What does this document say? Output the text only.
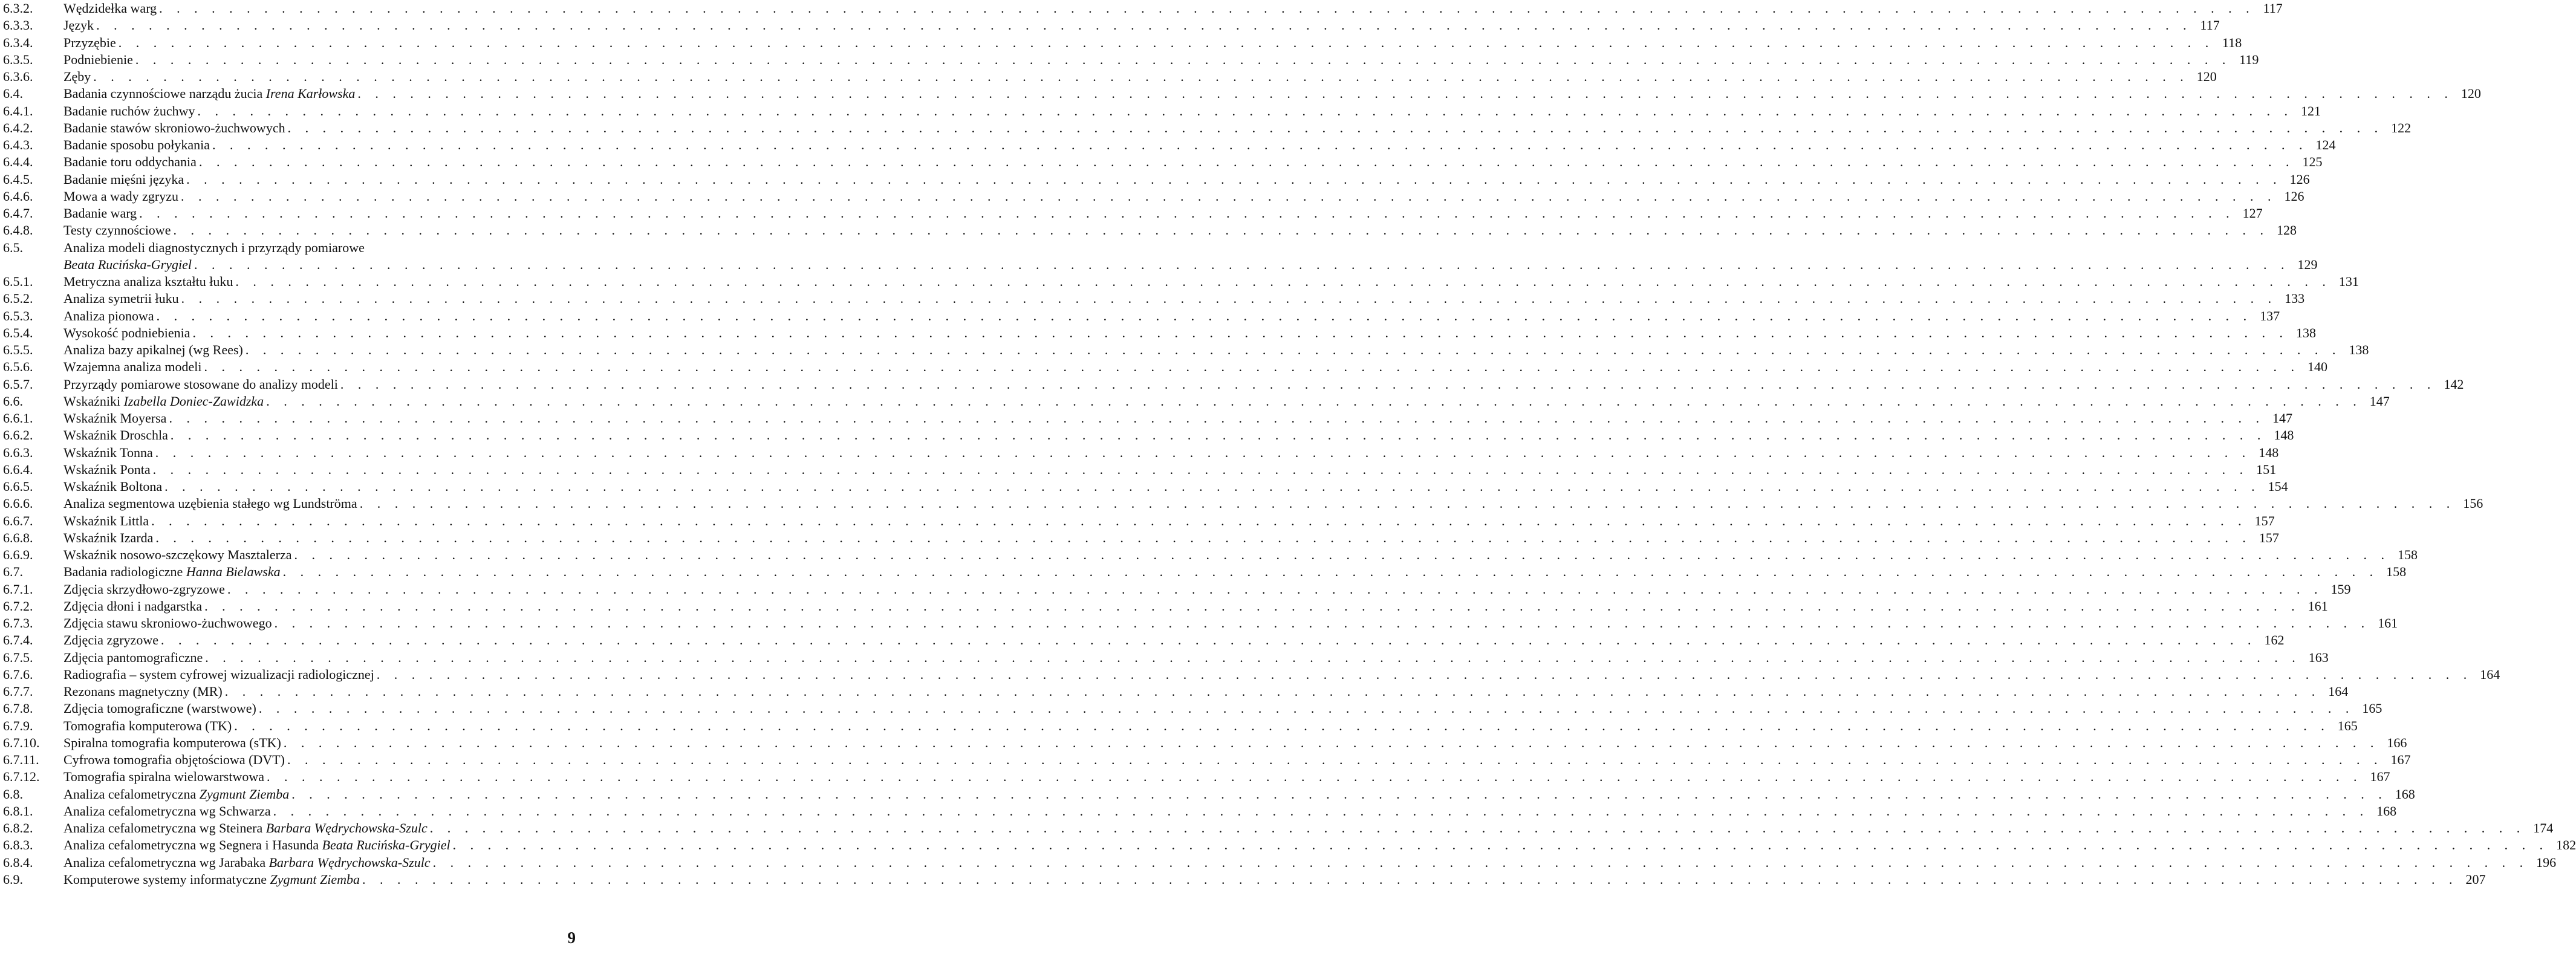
6.3.2. Wędzidełka warg . . . . . . . . . . . . . . . . . . . . . . . . . . . . . . . . . . . . . . . . . . . . . . . . . . . . . . . . . . . . . . . . . . . . . . . . . . . . . . . . . . . . . . . . . . . . . . . . . . . . . . . . . . . . . . . . . . . . . . . . 117
6.3.3. Język . . . . . . . . . . . . . . . . . . . . . . . . . . . . . . . . . . . . . . . . . . . . . . . . . . . . . . . . . . . . . . . . . . . . . . . . . . . . . . . . . . . . . . . . . . . . . . . . . . . . . . . . . . . . . . . . . . . . . . . . 117
6.3.4. Przyzębie . . . . . . . . . . . . . . . . . . . . . . . . . . . . . . . . . . . . . . . . . . . . . . . . . . . . . . . . . . . . . . . . . . . . . . . . . . . . . . . . . . . . . . . . . . . . . . . . . . . . . . . . . . . . . . . . . . . . . . . . 118
6.3.5. Podniebienie . . . . . . . . . . . . . . . . . . . . . . . . . . . . . . . . . . . . . . . . . . . . . . . . . . . . . . . . . . . . . . . . . . . . . . . . . . . . . . . . . . . . . . . . . . . . . . . . . . . . . . . . . . . . . . . . . . . . . . . . 119
6.3.6. Zęby . . . . . . . . . . . . . . . . . . . . . . . . . . . . . . . . . . . . . . . . . . . . . . . . . . . . . . . . . . . . . . . . . . . . . . . . . . . . . . . . . . . . . . . . . . . . . . . . . . . . . . . . . . . . . . . . . . . . . . . . 120
6.4.	Badania czynnościowe narządu żucia Irena Karłowska . . . . . . . . . . . . . . . . . . . . . . . . . . . . . . . . . . . . . . . . . . . . . . . . . . . . . . . . . . . . . . . . . . . . . . . . . . . . . . . . . . . . . . . . . . . . . . . . . . . . . . . . . . . . . . . . . . . . . . . . 120
6.4.1. Badanie ruchów żuchwy . . . . . . . . . . . . . . . . . . . . . . . . . . . . . . . . . . . . . . . . . . . . . . . . . . . . . . . . . . . . . . . . . . . . . . . . . . . . . . . . . . . . . . . . . . . . . . . . . . . . . . . . . . . . . . . . . . . . . . . . 121
6.4.2. Badanie stawów skroniowo-żuchwowych . . . . . . . . . . . . . . . . . . . . . . . . . . . . . . . . . . . . . . . . . . . . . . . . . . . . . . . . . . . . . . . . . . . . . . . . . . . . . . . . . . . . . . . . . . . . . . . . . . . . . . . . . . . . . . . . . . . . . . . . 122
6.4.3. Badanie sposobu połykania . . . . . . . . . . . . . . . . . . . . . . . . . . . . . . . . . . . . . . . . . . . . . . . . . . . . . . . . . . . . . . . . . . . . . . . . . . . . . . . . . . . . . . . . . . . . . . . . . . . . . . . . . . . . . . . . . . . . . . . . 124
6.4.4. Badanie toru oddychania . . . . . . . . . . . . . . . . . . . . . . . . . . . . . . . . . . . . . . . . . . . . . . . . . . . . . . . . . . . . . . . . . . . . . . . . . . . . . . . . . . . . . . . . . . . . . . . . . . . . . . . . . . . . . . . . . . . . . . . . 125
6.4.5. Badanie mięśni języka . . . . . . . . . . . . . . . . . . . . . . . . . . . . . . . . . . . . . . . . . . . . . . . . . . . . . . . . . . . . . . . . . . . . . . . . . . . . . . . . . . . . . . . . . . . . . . . . . . . . . . . . . . . . . . . . . . . . . . . . 126
6.4.6. Mowa a wady zgryzu . . . . . . . . . . . . . . . . . . . . . . . . . . . . . . . . . . . . . . . . . . . . . . . . . . . . . . . . . . . . . . . . . . . . . . . . . . . . . . . . . . . . . . . . . . . . . . . . . . . . . . . . . . . . . . . . . . . . . . . . 126
6.4.7. Badanie warg . . . . . . . . . . . . . . . . . . . . . . . . . . . . . . . . . . . . . . . . . . . . . . . . . . . . . . . . . . . . . . . . . . . . . . . . . . . . . . . . . . . . . . . . . . . . . . . . . . . . . . . . . . . . . . . . . . . . . . . . 127
6.4.8. Testy czynnościowe . . . . . . . . . . . . . . . . . . . . . . . . . . . . . . . . . . . . . . . . . . . . . . . . . . . . . . . . . . . . . . . . . . . . . . . . . . . . . . . . . . . . . . . . . . . . . . . . . . . . . . . . . . . . . . . . . . . . . . . . 128
6.5.	Analiza modeli diagnostycznych i przyrządy pomiarowe
Beata Rucińska-Grygiel . . . . . . . . . . . . . . . . . . . . . . . . . . . . . . . . . . . . . . . . . . . . . . . . . . . . . . . . . . . . . . . . . . . . . . . . . . . . . . . . . . . . . . . . . . . . . . . . . . . . . . . . . . . . . . . . . . . . . . . . 129
6.5.1. Metryczna analiza kształtu łuku . . . . . . . . . . . . . . . . . . . . . . . . . . . . . . . . . . . . . . . . . . . . . . . . . . . . . . . . . . . . . . . . . . . . . . . . . . . . . . . . . . . . . . . . . . . . . . . . . . . . . . . . . . . . . . . . . . . . . . . . 131
6.5.2. Analiza symetrii łuku . . . . . . . . . . . . . . . . . . . . . . . . . . . . . . . . . . . . . . . . . . . . . . . . . . . . . . . . . . . . . . . . . . . . . . . . . . . . . . . . . . . . . . . . . . . . . . . . . . . . . . . . . . . . . . . . . . . . . . . . 133
6.5.3. Analiza pionowa . . . . . . . . . . . . . . . . . . . . . . . . . . . . . . . . . . . . . . . . . . . . . . . . . . . . . . . . . . . . . . . . . . . . . . . . . . . . . . . . . . . . . . . . . . . . . . . . . . . . . . . . . . . . . . . . . . . . . . . . 137
6.5.4. Wysokość podniebienia . . . . . . . . . . . . . . . . . . . . . . . . . . . . . . . . . . . . . . . . . . . . . . . . . . . . . . . . . . . . . . . . . . . . . . . . . . . . . . . . . . . . . . . . . . . . . . . . . . . . . . . . . . . . . . . . . . . . . . . . 138
6.5.5. Analiza bazy apikalnej (wg Rees) . . . . . . . . . . . . . . . . . . . . . . . . . . . . . . . . . . . . . . . . . . . . . . . . . . . . . . . . . . . . . . . . . . . . . . . . . . . . . . . . . . . . . . . . . . . . . . . . . . . . . . . . . . . . . . . . . . . . . . . . 138
6.5.6. Wzajemna analiza modeli . . . . . . . . . . . . . . . . . . . . . . . . . . . . . . . . . . . . . . . . . . . . . . . . . . . . . . . . . . . . . . . . . . . . . . . . . . . . . . . . . . . . . . . . . . . . . . . . . . . . . . . . . . . . . . . . . . . . . . . . 140
6.5.7. Przyrządy pomiarowe stosowane do analizy modeli . . . . . . . . . . . . . . . . . . . . . . . . . . . . . . . . . . . . . . . . . . . . . . . . . . . . . . . . . . . . . . . . . . . . . . . . . . . . . . . . . . . . . . . . . . . . . . . . . . . . . . . . . . . . . . . . . . . . . . . . 142
6.6.	Wskaźniki Izabella Doniec-Zawidzka . . . . . . . . . . . . . . . . . . . . . . . . . . . . . . . . . . . . . . . . . . . . . . . . . . . . . . . . . . . . . . . . . . . . . . . . . . . . . . . . . . . . . . . . . . . . . . . . . . . . . . . . . . . . . . . . . . . . . . . . 147
6.6.1. Wskaźnik Moyersa . . . . . . . . . . . . . . . . . . . . . . . . . . . . . . . . . . . . . . . . . . . . . . . . . . . . . . . . . . . . . . . . . . . . . . . . . . . . . . . . . . . . . . . . . . . . . . . . . . . . . . . . . . . . . . . . . . . . . . . . 147
6.6.2. Wskaźnik Droschla . . . . . . . . . . . . . . . . . . . . . . . . . . . . . . . . . . . . . . . . . . . . . . . . . . . . . . . . . . . . . . . . . . . . . . . . . . . . . . . . . . . . . . . . . . . . . . . . . . . . . . . . . . . . . . . . . . . . . . . . 148
6.6.3. Wskaźnik Tonna . . . . . . . . . . . . . . . . . . . . . . . . . . . . . . . . . . . . . . . . . . . . . . . . . . . . . . . . . . . . . . . . . . . . . . . . . . . . . . . . . . . . . . . . . . . . . . . . . . . . . . . . . . . . . . . . . . . . . . . . 148
6.6.4. Wskaźnik Ponta . . . . . . . . . . . . . . . . . . . . . . . . . . . . . . . . . . . . . . . . . . . . . . . . . . . . . . . . . . . . . . . . . . . . . . . . . . . . . . . . . . . . . . . . . . . . . . . . . . . . . . . . . . . . . . . . . . . . . . . . 151
6.6.5. Wskaźnik Boltona . . . . . . . . . . . . . . . . . . . . . . . . . . . . . . . . . . . . . . . . . . . . . . . . . . . . . . . . . . . . . . . . . . . . . . . . . . . . . . . . . . . . . . . . . . . . . . . . . . . . . . . . . . . . . . . . . . . . . . . . 154
6.6.6. Analiza segmentowa uzębienia stałego wg Lundströma . . . . . . . . . . . . . . . . . . . . . . . . . . . . . . . . . . . . . . . . . . . . . . . . . . . . . . . . . . . . . . . . . . . . . . . . . . . . . . . . . . . . . . . . . . . . . . . . . . . . . . . . . . . . . . . . . . . . . . . . 156
6.6.7. Wskaźnik Littla . . . . . . . . . . . . . . . . . . . . . . . . . . . . . . . . . . . . . . . . . . . . . . . . . . . . . . . . . . . . . . . . . . . . . . . . . . . . . . . . . . . . . . . . . . . . . . . . . . . . . . . . . . . . . . . . . . . . . . . . 157
6.6.8. Wskaźnik Izarda . . . . . . . . . . . . . . . . . . . . . . . . . . . . . . . . . . . . . . . . . . . . . . . . . . . . . . . . . . . . . . . . . . . . . . . . . . . . . . . . . . . . . . . . . . . . . . . . . . . . . . . . . . . . . . . . . . . . . . . . 157
6.6.9. Wskaźnik nosowo-szczękowy Masztalerza . . . . . . . . . . . . . . . . . . . . . . . . . . . . . . . . . . . . . . . . . . . . . . . . . . . . . . . . . . . . . . . . . . . . . . . . . . . . . . . . . . . . . . . . . . . . . . . . . . . . . . . . . . . . . . . . . . . . . . . . 158
6.7.	Badania radiologiczne Hanna Bielawska . . . . . . . . . . . . . . . . . . . . . . . . . . . . . . . . . . . . . . . . . . . . . . . . . . . . . . . . . . . . . . . . . . . . . . . . . . . . . . . . . . . . . . . . . . . . . . . . . . . . . . . . . . . . . . . . . . . . . . . . 158
6.7.1. Zdjęcia skrzydłowo-zgryzowe . . . . . . . . . . . . . . . . . . . . . . . . . . . . . . . . . . . . . . . . . . . . . . . . . . . . . . . . . . . . . . . . . . . . . . . . . . . . . . . . . . . . . . . . . . . . . . . . . . . . . . . . . . . . . . . . . . . . . . . . 159
6.7.2. Zdjęcia dłoni i nadgarstka . . . . . . . . . . . . . . . . . . . . . . . . . . . . . . . . . . . . . . . . . . . . . . . . . . . . . . . . . . . . . . . . . . . . . . . . . . . . . . . . . . . . . . . . . . . . . . . . . . . . . . . . . . . . . . . . . . . . . . . . 161
6.7.3. Zdjęcia stawu skroniowo-żuchwowego . . . . . . . . . . . . . . . . . . . . . . . . . . . . . . . . . . . . . . . . . . . . . . . . . . . . . . . . . . . . . . . . . . . . . . . . . . . . . . . . . . . . . . . . . . . . . . . . . . . . . . . . . . . . . . . . . . . . . . . . 161
6.7.4. Zdjęcia zgryzowe . . . . . . . . . . . . . . . . . . . . . . . . . . . . . . . . . . . . . . . . . . . . . . . . . . . . . . . . . . . . . . . . . . . . . . . . . . . . . . . . . . . . . . . . . . . . . . . . . . . . . . . . . . . . . . . . . . . . . . . . 162
6.7.5. Zdjęcia pantomograficzne . . . . . . . . . . . . . . . . . . . . . . . . . . . . . . . . . . . . . . . . . . . . . . . . . . . . . . . . . . . . . . . . . . . . . . . . . . . . . . . . . . . . . . . . . . . . . . . . . . . . . . . . . . . . . . . . . . . . . . . . 163
6.7.6. Radiografia – system cyfrowej wizualizacji radiologicznej . . . . . . . . . . . . . . . . . . . . . . . . . . . . . . . . . . . . . . . . . . . . . . . . . . . . . . . . . . . . . . . . . . . . . . . . . . . . . . . . . . . . . . . . . . . . . . . . . . . . . . . . . . . . . . . . . . . . . . . . 164
6.7.7. Rezonans magnetyczny (MR) . . . . . . . . . . . . . . . . . . . . . . . . . . . . . . . . . . . . . . . . . . . . . . . . . . . . . . . . . . . . . . . . . . . . . . . . . . . . . . . . . . . . . . . . . . . . . . . . . . . . . . . . . . . . . . . . . . . . . . . . 164
6.7.8. Zdjęcia tomograficzne (warstwowe) . . . . . . . . . . . . . . . . . . . . . . . . . . . . . . . . . . . . . . . . . . . . . . . . . . . . . . . . . . . . . . . . . . . . . . . . . . . . . . . . . . . . . . . . . . . . . . . . . . . . . . . . . . . . . . . . . . . . . . . . 165
6.7.9. Tomografia komputerowa (TK) . . . . . . . . . . . . . . . . . . . . . . . . . . . . . . . . . . . . . . . . . . . . . . . . . . . . . . . . . . . . . . . . . . . . . . . . . . . . . . . . . . . . . . . . . . . . . . . . . . . . . . . . . . . . . . . . . . . . . . . . 165
6.7.10. Spiralna tomografia komputerowa (sTK) . . . . . . . . . . . . . . . . . . . . . . . . . . . . . . . . . . . . . . . . . . . . . . . . . . . . . . . . . . . . . . . . . . . . . . . . . . . . . . . . . . . . . . . . . . . . . . . . . . . . . . . . . . . . . . . . . . . . . . . . 166
6.7.11. Cyfrowa tomografia objętościowa (DVT) . . . . . . . . . . . . . . . . . . . . . . . . . . . . . . . . . . . . . . . . . . . . . . . . . . . . . . . . . . . . . . . . . . . . . . . . . . . . . . . . . . . . . . . . . . . . . . . . . . . . . . . . . . . . . . . . . . . . . . . . 167
6.7.12. Tomografia spiralna wielowarstwowa . . . . . . . . . . . . . . . . . . . . . . . . . . . . . . . . . . . . . . . . . . . . . . . . . . . . . . . . . . . . . . . . . . . . . . . . . . . . . . . . . . . . . . . . . . . . . . . . . . . . . . . . . . . . . . . . . . . . . . . . 167
6.8.	Analiza cefalometryczna Zygmunt Ziemba . . . . . . . . . . . . . . . . . . . . . . . . . . . . . . . . . . . . . . . . . . . . . . . . . . . . . . . . . . . . . . . . . . . . . . . . . . . . . . . . . . . . . . . . . . . . . . . . . . . . . . . . . . . . . . . . . . . . . . . . 168
6.8.1. Analiza cefalometryczna wg Schwarza . . . . . . . . . . . . . . . . . . . . . . . . . . . . . . . . . . . . . . . . . . . . . . . . . . . . . . . . . . . . . . . . . . . . . . . . . . . . . . . . . . . . . . . . . . . . . . . . . . . . . . . . . . . . . . . . . . . . . . . . 168
6.8.2. Analiza cefalometryczna wg Steinera Barbara Wędrychowska-Szulc . . . . . . . . . . . . . . . . . . . . . . . . . . . . . . . . . . . . . . . . . . . . . . . . . . . . . . . . . . . . . . . . . . . . . . . . . . . . . . . . . . . . . . . . . . . . . . . . . . . . . . . . . . . . . . . . . . . . . . . . 174
6.8.3. Analiza cefalometryczna wg Segnera i Hasunda Beata Rucińska-Grygiel . . . . . . . . . . . . . . . . . . . . . . . . . . . . . . . . . . . . . . . . . . . . . . . . . . . . . . . . . . . . . . . . . . . . . . . . . . . . . . . . . . . . . . . . . . . . . . . . . . . . . . . . . . . . . . . . . . . . . . . . 182
6.8.4. Analiza cefalometryczna wg Jarabaka Barbara Wędrychowska-Szulc . . . . . . . . . . . . . . . . . . . . . . . . . . . . . . . . . . . . . . . . . . . . . . . . . . . . . . . . . . . . . . . . . . . . . . . . . . . . . . . . . . . . . . . . . . . . . . . . . . . . . . . . . . . . . . . . . . . . . . . . 196
6.9.	Komputerowe systemy informatyczne Zygmunt Ziemba . . . . . . . . . . . . . . . . . . . . . . . . . . . . . . . . . . . . . . . . . . . . . . . . . . . . . . . . . . . . . . . . . . . . . . . . . . . . . . . . . . . . . . . . . . . . . . . . . . . . . . . . . . . . . . . . . . . . . . . . 207
9
